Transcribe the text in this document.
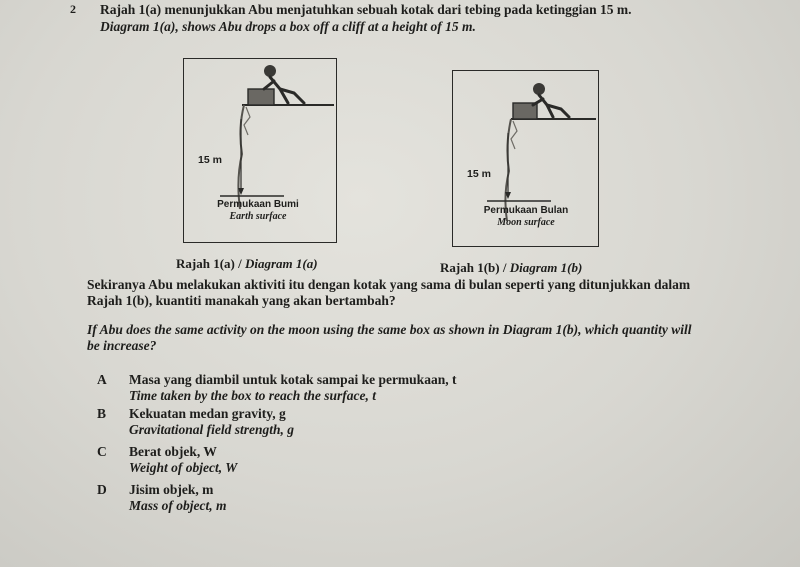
2 Rajah 1(a) menunjukkan Abu menjatuhkan sebuah kotak dari tebing pada ketinggian 15 m.
Diagram 1(a), shows Abu drops a box off a cliff at a height of 15 m.
15 m
Permukaan Bumi
Earth surface
15 m
Permukaan Bulan
Moon surface
Rajah 1(a) / Diagram 1(a)	Rajah 1(b) / Diagram 1(b)
Sekiranya Abu melakukan aktiviti itu dengan kotak yang sama di bulan seperti yang ditunjukkan dalam Rajah 1(b), kuantiti manakah yang akan bertambah?
If Abu does the same activity on the moon using the same box as shown in Diagram 1(b), which quantity will be increase?
A Masa yang diambil untuk kotak sampai ke permukaan, t
Time taken by the box to reach the surface, t
B Kekuatan medan gravity, g
Gravitational field strength, g
C Berat objek, W
Weight of object, W
D Jisim objek, m
Mass of object, m
